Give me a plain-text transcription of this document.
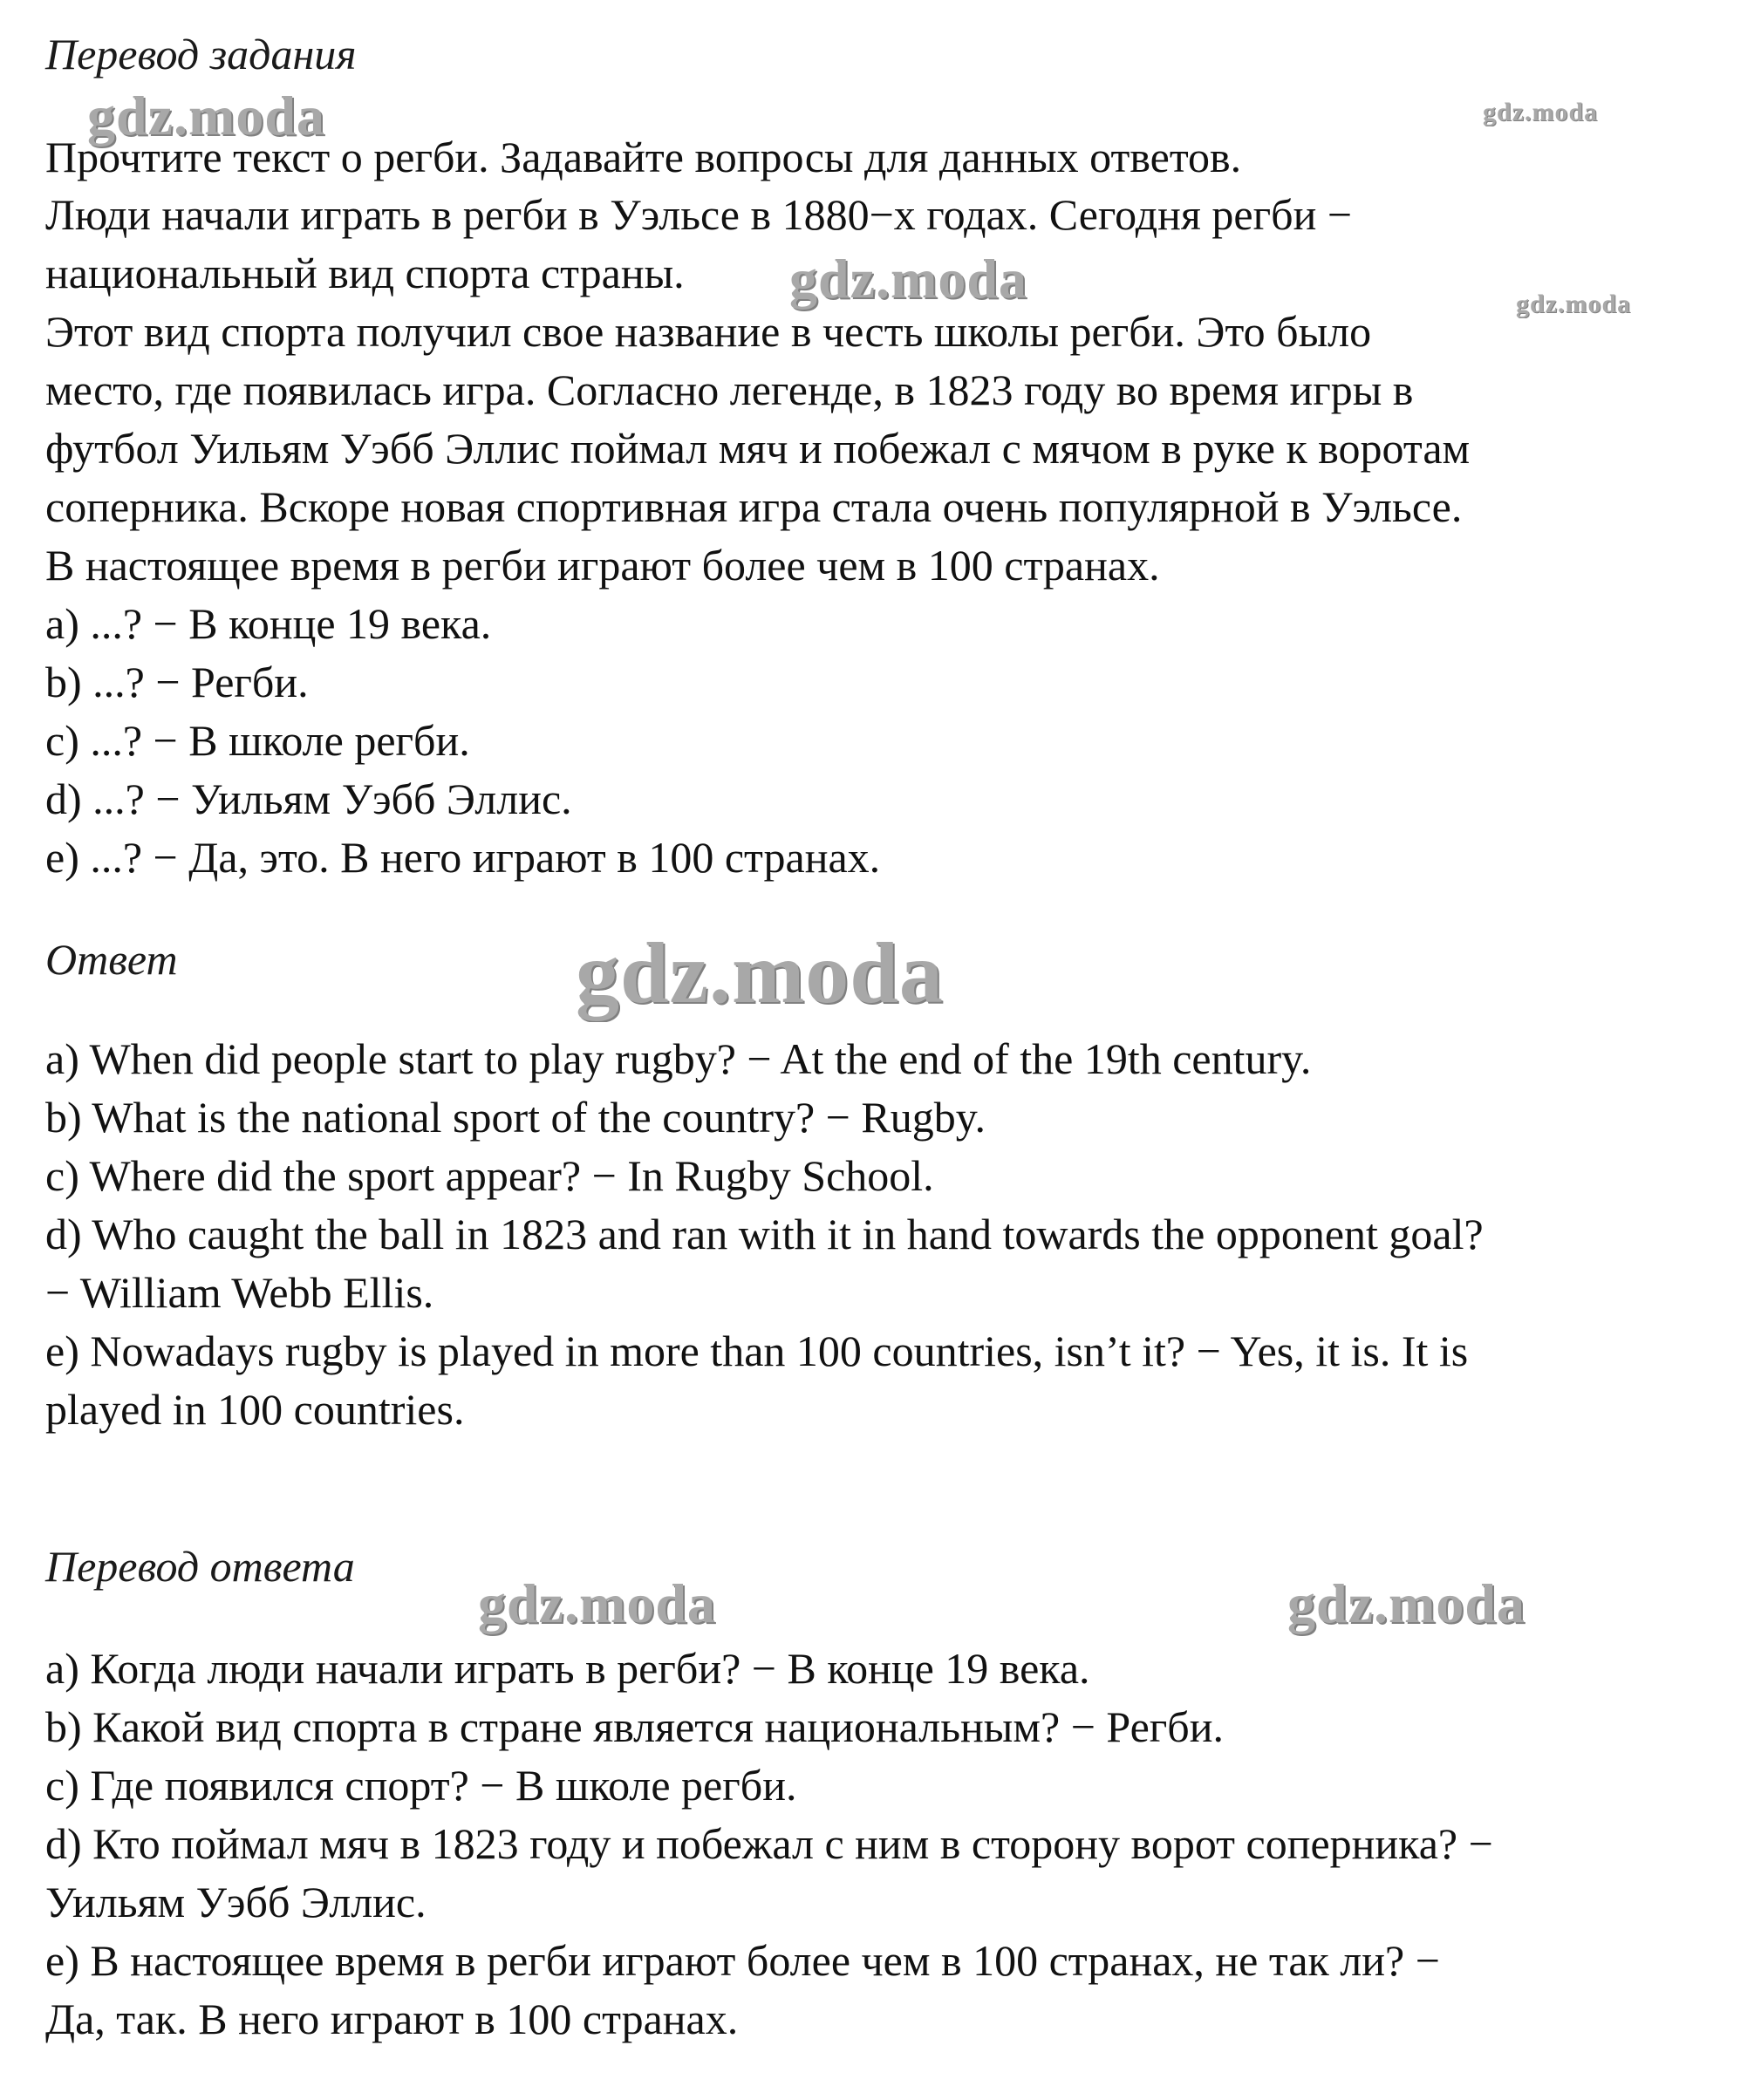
Перевод задания
Прочтите текст о регби. Задавайте вопросы для данных ответов.
Люди начали играть в регби в Уэльсе в 1880−х годах. Сегодня регби −
национальный вид спорта страны.
Этот вид спорта получил свое название в честь школы регби. Это было
место, где появилась игра. Согласно легенде, в 1823 году во время игры в
футбол Уильям Уэбб Эллис поймал мяч и побежал с мячом в руке к воротам
соперника. Вскоре новая спортивная игра стала очень популярной в Уэльсе.
В настоящее время в регби играют более чем в 100 странах.
a) ...? − В конце 19 века.
b) ...? − Регби.
c) ...? − В школе регби.
d) ...? − Уильям Уэбб Эллис.
e) ...? − Да, это. В него играют в 100 странах.
Ответ
a) When did people start to play rugby? − At the end of the 19th century.
b) What is the national sport of the country? − Rugby.
c) Where did the sport appear? − In Rugby School.
d) Who caught the ball in 1823 and ran with it in hand towards the opponent goal?
− William Webb Ellis.
e) Nowadays rugby is played in more than 100 countries, isn’t it? − Yes, it is. It is
played in 100 countries.
Перевод ответа
a) Когда люди начали играть в регби? − В конце 19 века.
b) Какой вид спорта в стране является национальным? − Регби.
c) Где появился спорт? − В школе регби.
d) Кто поймал мяч в 1823 году и побежал с ним в сторону ворот соперника? −
Уильям Уэбб Эллис.
e) В настоящее время в регби играют более чем в 100 странах, не так ли? −
Да, так. В него играют в 100 странах.
gdz.moda	gdz.moda
gdz.moda	gdz.moda
gdz.moda
gdz.moda	gdz.moda
